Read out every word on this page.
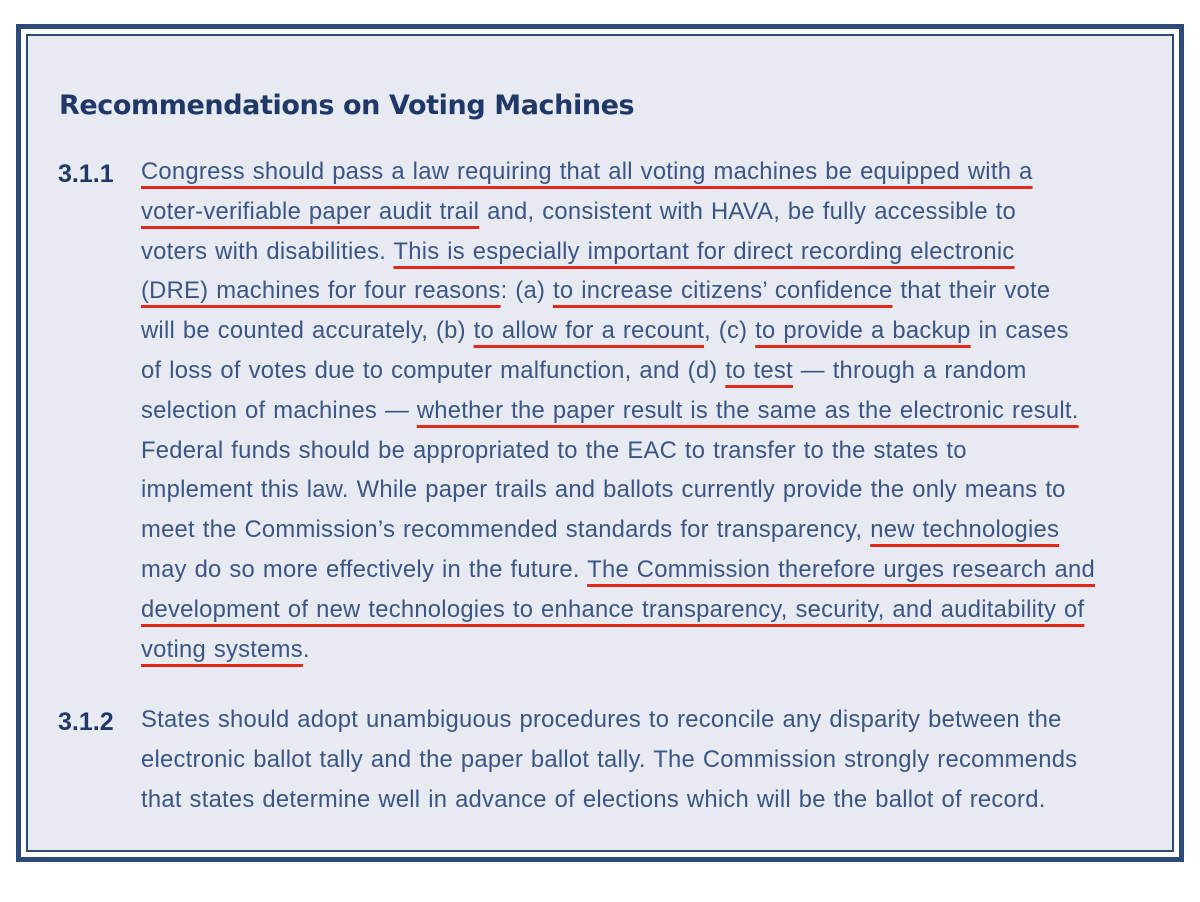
Recommendations on Voting Machines
3.1.1 Congress should pass a law requiring that all voting machines be equipped with a
voter-verifiable paper audit trail and, consistent with HAVA, be fully accessible to
voters with disabilities. This is especially important for direct recording electronic
(DRE) machines for four reasons: (a) to increase citizens’ confidence that their vote
will be counted accurately, (b) to allow for a recount, (c) to provide a backup in cases
of loss of votes due to computer malfunction, and (d) to test — through a random
selection of machines — whether the paper result is the same as the electronic result.
Federal funds should be appropriated to the EAC to transfer to the states to
implement this law. While paper trails and ballots currently provide the only means to
meet the Commission’s recommended standards for transparency, new technologies
may do so more effectively in the future. The Commission therefore urges research and
development of new technologies to enhance transparency, security, and auditability of
voting systems.
3.1.2 States should adopt unambiguous procedures to reconcile any disparity between the
electronic ballot tally and the paper ballot tally. The Commission strongly recommends
that states determine well in advance of elections which will be the ballot of record.
